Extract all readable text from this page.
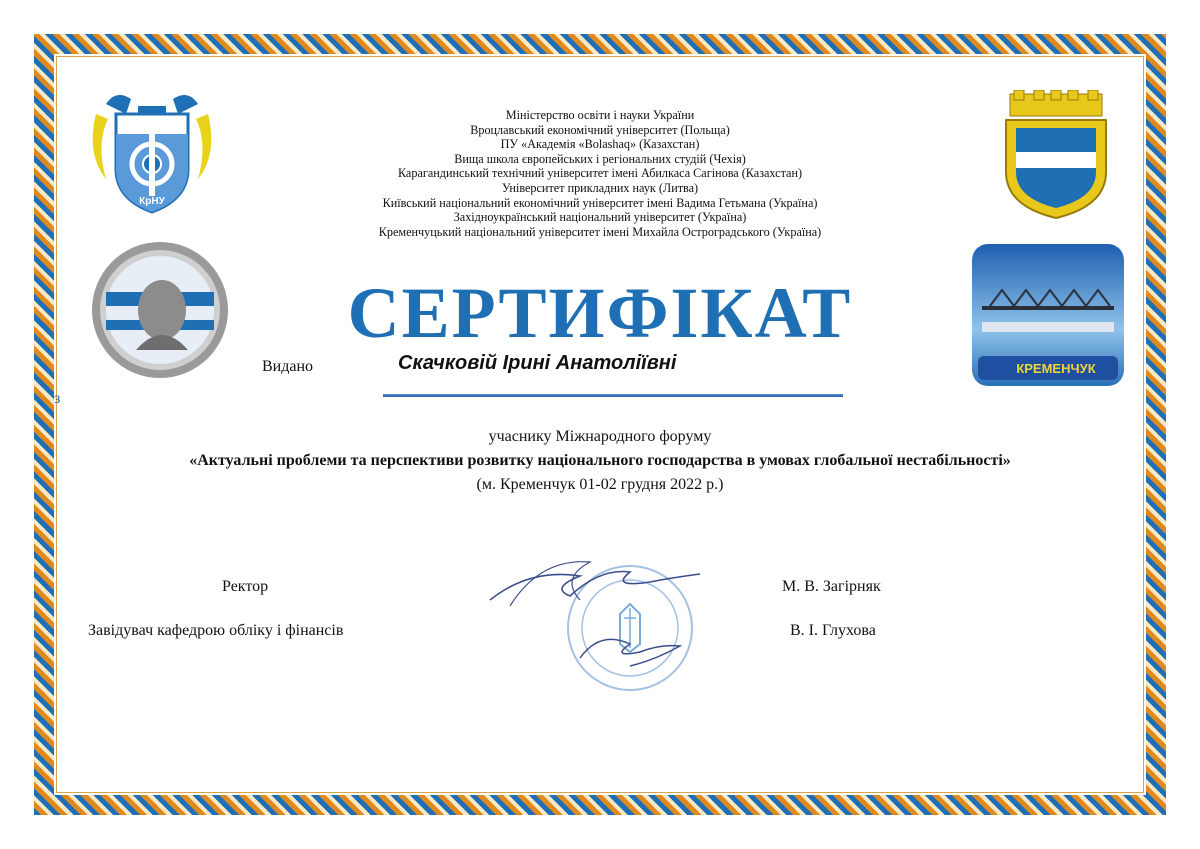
КрНУ
КРЕМЕНЧУК
Міністерство освіти і науки України
Вроцлавський економічний університет (Польща)
ПУ «Академія «Bolashaq» (Казахстан)
Вища школа європейських і регіональних студій (Чехія)
Карагандинський технічний університет імені Абилкаса Сагінова (Казахстан)
Університет прикладних наук (Литва)
Київський національний економічний університет імені Вадима Гетьмана (Україна)
Західноукраїнський національний університет (Україна)
Кременчуцький національний університет імені Михайла Остроградського (Україна)
СЕРТИФІКАТ
Видано	Скачковій Ірині Анатоліївні
з
учаснику Міжнародного форуму
«Актуальні проблеми та перспективи розвитку національного господарства в умовах глобальної нестабільності»
(м. Кременчук 01-02 грудня 2022 р.)
Ректор
Завідувач кафедрою обліку і фінансів
М. В. Загірняк
В. І. Глухова
